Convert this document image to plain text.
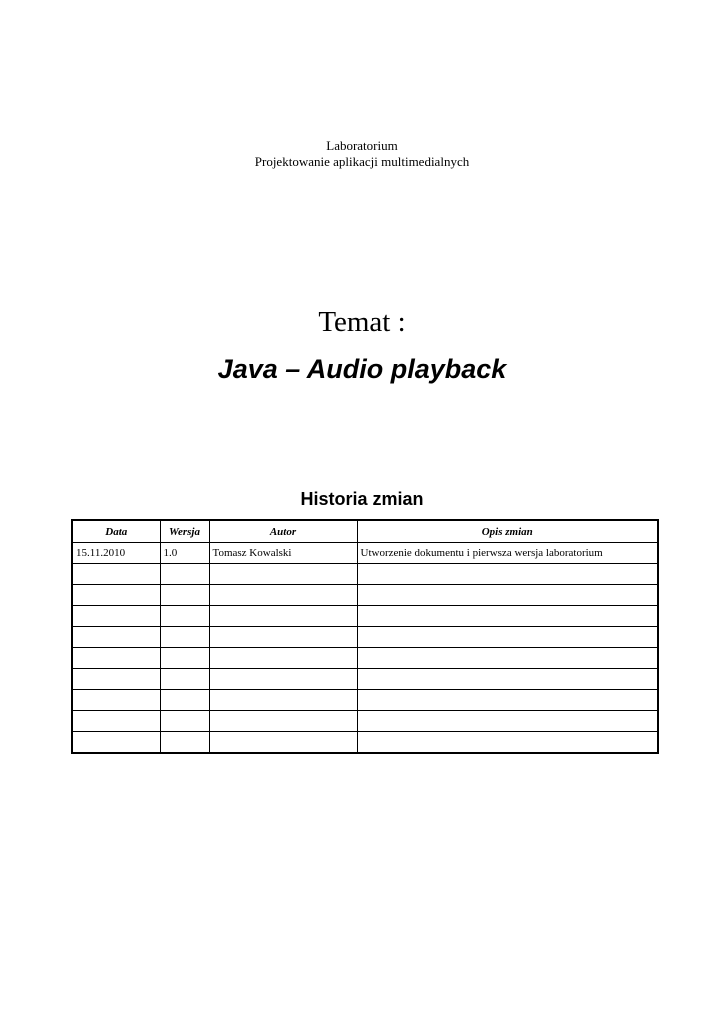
Laboratorium
Projektowanie aplikacji multimedialnych
Temat :
Java – Audio playback
Historia zmian
Data	Wersja	Autor	Opis zmian
15.11.2010	1.0	Tomasz Kowalski	Utworzenie dokumentu i pierwsza wersja laboratorium
